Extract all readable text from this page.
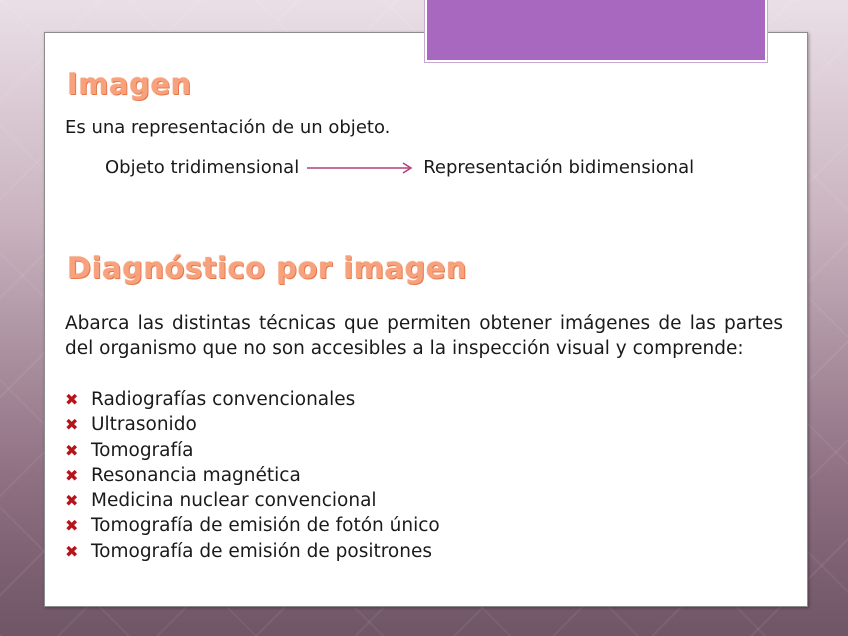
Imagen
Es una representación de un objeto.
Objeto tridimensional	Representación bidimensional
Diagnóstico por imagen

Abarca las distintas técnicas que permiten obtener imágenes de las partes del organismo que no son accesibles a la inspección visual y comprende:

✖ Radiografías convencionales
✖ Ultrasonido
✖ Tomografía
✖ Resonancia magnética
✖ Medicina nuclear convencional
✖ Tomografía de emisión de fotón único
✖ Tomografía de emisión de positrones
